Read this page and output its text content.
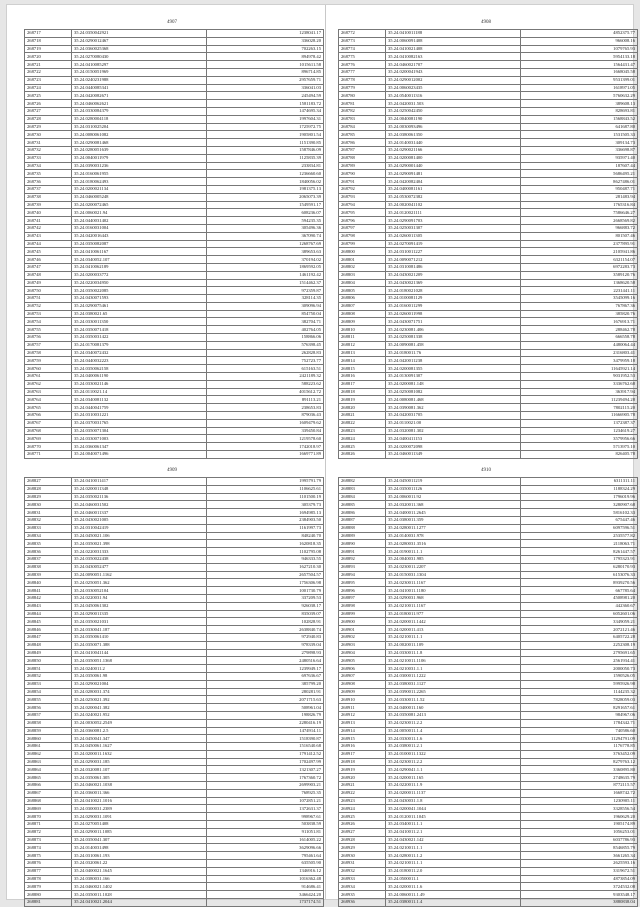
4907
268717	35.24.0350042921	1238041.17
268718	35.24.0290012467	336028.20
268719	35.24.0360025368	702263.15
268720	35.24.0270080430	894978.42
268721	35.24.0410085297	1015611.58
268722	35.24.0150051969	896714.85
268723	35.24.0240231988	2957659.71
268724	35.24.0440085341	336041.03
268725	35.24.0420082671	245494.59
268726	35.24.0460062621	1581183.72
268727	35.24.0330084379	1474695.34
268728	35.24.0280004118	1997604.31
268729	35.24.0310025204	1725972.75
268730	35.24.0080061082	1905801.54
268731	35.24.0290081468	1151390.85
268732	35.24.0280051639	1587846.09
268733	35.24.0040011979	1125835.39
268734	35.24.0390031236	233834.81
268735	35.24.0160061955	1236660.60
268736	35.24.0180062493	1840056.02
268737	35.24.0200021134	1981375.13
268738	35.24.0460005248	2065073.39
268739	35.24.0200072465	1549591.17
268740	35.24.0060021.94	608236.07
268741	35.24.0440031402	594235.35
268742	35.24.0160031004	305496.36
268743	35.24.0420016443	367090.74
268744	35.24.0350082087	1268767.69
268745	35.24.0410061167	389653.63
268746	35.24.0340052.107	370194.02
268747	35.24.0410062189	1869592.05
268748	35.24.0200033772	1461192.42
268749	35.24.0220034950	1514462.37
268750	35.24.0350022085	972359.87
268751	35.24.0430071593	328114.35
268752	35.24.0290075461	309096.94
268753	35.24.0380021.65	854750.04
268754	35.24.0330011350	382704.71
268755	35.24.0350071418	402764.05
268756	35.24.0350031422	158866.06
268757	35.24.0170081379	576398.45
268758	35.24.0340072432	262828.83
268759	35.24.0440032223	752723.77
268760	35.24.0350062158	615163.51
268761	35.24.0400061190	2421189.32
268762	35.24.0330021146	588223.62
268763	35.24.0110021.14	4015612.72
268764	35.24.0340081132	891113.21
268765	35.24.0440041759	238653.83
268766	35.24.0310031221	879036.43
268767	35.24.0370031765	1609479.62
268768	35.24.0350071304	339450.84
268769	35.24.0330071003	1219578.60
268770	35.24.0360061347	1742018.97
268771	35.24.0040071496	1669771.89
4908
268772	35.24.0410011188	4852375.77
268773	35.24.0060091408	966008.16
268774	35.24.0410021408	1079765.93
268775	35.24.0410082163	5954133.18
268776	35.24.0460021707	1564431.47
268777	35.24.0200041943	1668045.58
268778	35.24.0290012002	9531399.01
268779	35.24.0060023435	1618971.05
268780	35.24.0540011316	5760632.29
268781	35.24.0420031.503	389608.13
268782	35.24.0250042450	828693.81
268783	35.24.0040081190	1568843.52
268784	35.24.0030093496	641687.80
268785	35.24.0380061350	1531505.33
268786	35.24.0140031440	309134.73
268787	35.24.0290021166	336698.87
268788	35.24.0200081400	935971.40
268789	35.24.0290001440	187607.44
268790	35.24.0290091481	5686495.21
268791	35.24.0420082404	8627486.01
268792	35.24.0400081161	950487.71
268793	35.24.0530072382	281483.94
268794	35.24.0020041102	1765316.84
268795	35.24.0120021111	7586646.27
268796	35.24.0290091703	2668569.82
268797	35.24.0250031307	966883.72
268798	35.24.0260011305	801507.46
268799	35.24.0270091419	2377895.91
268800	35.24.0310011227	2105941.86
268801	35.24.0090071212	6321154.07
268802	35.24.0310081486	6972283.73
268803	35.24.0430021209	3589120.76
268804	35.24.0430021369	1368620.58
268805	35.24.0180021028	2231441.11
268806	35.24.0100081129	3545099.16
268807	35.24.0160011299	767867.36
268808	35.24.0260011998	385820.76
268809	35.24.0430071751	1676913.71
268810	35.24.0230081.406	288462.78
268811	35.24.0250081338	666558.78
268812	35.24.0090081.458	4480064.44
268813	35.24.0180011.76	2316803.41
268814	35.24.0420011238	3479959.18
268815	35.24.0200081355	11645921.14
268816	35.24.0130091307	9031952.53
268817	35.24.0200081.148	3336762.68
268818	35.24.0250081082	363917.94
268819	35.24.0080081.468	11239494.28
268820	35.24.0390081.362	7802115.20
268821	35.24.0420031705	11666905.78
268822	35.24.0110021.00	1372387.37
268823	35.24.0320081.302	1234619.27
268824	35.24.0400411153	3579956.66
268825	35.24.0200072098	5713975.10
268826	35.24.0460011349	826405.78
4909
268827	35.24.0410011417	1995791.79
268828	35.24.0200011348	1106625.61
268829	35.24.0350021136	1101500.19
268830	35.24.0460031502	305379.73
268831	35.24.0460011337	1694985.13
268832	35.24.0430021005	2384903.50
268833	35.24.0310042419	1161997.73
268834	35.24.0450021.106	848240.70
268835	35.24.0350021.398	1620818.35
268836	35.24.0220031333	1102795.08
268837	35.24.0350022438	946333.55
268838	35.24.0430052477	1627210.30
268839	35.24.0090051.1162	2657504.57
268840	35.24.0250051.362	1756306.98
268841	35.24.0330052104	1001730.79
268842	35.24.0220031.94	337209.53
268843	35.24.0450061302	926038.17
268844	35.24.0290011335	835039.07
268845	35.24.0350021031	102828.91
268846	35.24.0330041.187	2638840.74
268847	35.24.0350061410	972940.83
268848	35.24.0350071.388	978339.04
268849	35.24.0410041144	279898.93
268850	35.24.0350051.1368	2480516.64
268851	35.24.0240011.2	1239949.17
268852	35.24.0350061.98	697636.67
268853	35.24.0290021004	385799.20
268854	35.24.0280031.374	280281.91
268855	35.24.0250021.392	2071715.63
268856	35.24.0200041.382	508961.04
268857	35.24.0240021.952	198826.79
268858	35.24.0030052.2549	2280416.19
268859	35.24.0360081.2.5	1474914.11
268860	35.24.0450041.347	1518390.87
268861	35.24.0450061.1627	1516540.68
268862	35.24.0200011.1632	1791412.52
268863	35.24.0290031.185	1702497.99
268864	35.24.0320081.107	1321307.27
268865	35.24.0350061.305	1767360.72
268866	35.24.0460021.1038	2699903.21
268867	35.24.0360011.366	768925.35
268868	35.24.0410021.1016	1072851.21
268869	35.24.0300031.2389	1372631.37
268870	35.24.0290031.1091	998967.61
268871	35.24.0270051408	503838.59
268872	35.24.0290011.1085	911051.81
268873	35.24.0350041.307	1614005.22
268874	35.24.0140031498	3629096.66
268875	35.24.0310061.193	795461.64
268876	35.24.0320061.22	635505.90
268877	35.24.0400021.1645	1346916.12
268878	35.24.0380031.166	1016362.48
268879	35.24.0460021.1402	914686.41
268880	35.24.0350011.1028	3466424.20
268881	35.24.0410021.2044	1737174.51
4910
268882	35.24.0450011219	6311311.11
268883	35.24.0350011126	1188324.29
268884	35.24.0060011.92	1796019.96
268885	35.24.0320011.368	3280907.68
268886	35.24.0400011.2645	5816102.33
268887	35.24.0380011.359	675447.46
268888	35.24.0280011.1277	6097596.51
268889	35.24.0140031.978	2535577.82
268890	35.24.0280031.3516	2118063.71
268891	35.24.0190011.1.1	8261447.57
268892	35.24.0040031.985	1795323.91
268893	35.24.0230011.2207	6280170.93
268894	35.24.0150031.1304	6153076.33
268895	35.24.0230011.1167	8939270.56
268896	35.24.0410011.1180	667785.64
268897	35.24.0290031.968	4508981.20
268898	35.24.0210011.1167	442360.67
268899	35.24.0180011.977	6052601.06
268900	35.24.0200011.1442	3349059.21
268901	35.24.0200011.413	2072121.46
268902	35.24.0210011.1.1	6405722.28
268903	35.24.0020011.109	2252308.19
268904	35.24.0330011.1.8	2795691.65
268905	35.24.0210011.1106	2561934.41
268906	35.24.0210031.1.1	2000050.73
268907	35.24.0300011.1222	1590526.05
268908	35.24.0380031.1127	5995926.98
268909	35.24.0390011.2265	1144235.32
268910	35.24.0330011.1.52	7828059.03
268911	35.24.0400011.160	8291657.61
268912	35.24.0350081.2413	984967.06
268913	35.24.0230011.2.2	1784342.71
268914	35.24.0050011.1.4	740586.60
268915	35.24.0330011.1.6	11294791.09
268916	35.24.0380011.2.1	1176778.85
268917	35.24.0100011.1322	3763452.09
268918	35.24.0230011.2.2	8279763.12
268919	35.24.0290041.1.1	3360895.80
268920	35.24.0200011.165	2748635.79
268921	35.24.0220011.1.9	8772115.57
268922	35.24.0200011.1137	1668742.72
268923	35.24.0430031.1.8	1230905.11
268924	35.24.0200041.1044	3328556.54
268925	35.24.0120011.1045	1960629.20
268926	35.24.0340011.1.1	1905174.89
268927	35.24.0410011.2.1	1056253.01
268928	35.24.0430021.142	6037786.93
268929	35.24.0210011.1.1	8546855.79
268930	35.24.0280011.1.2	3661265.34
268931	35.24.0210011.1.1	2625593.16
268932	35.24.0180011.2.0	3319672.51
268933	35.24.0500011.1	4873854.09
268934	35.24.0200011.1.6	3724532.08
268935	35.24.0060011.1.49	9303548.17
268936	35.24.0380011.1.4	3880838.04
